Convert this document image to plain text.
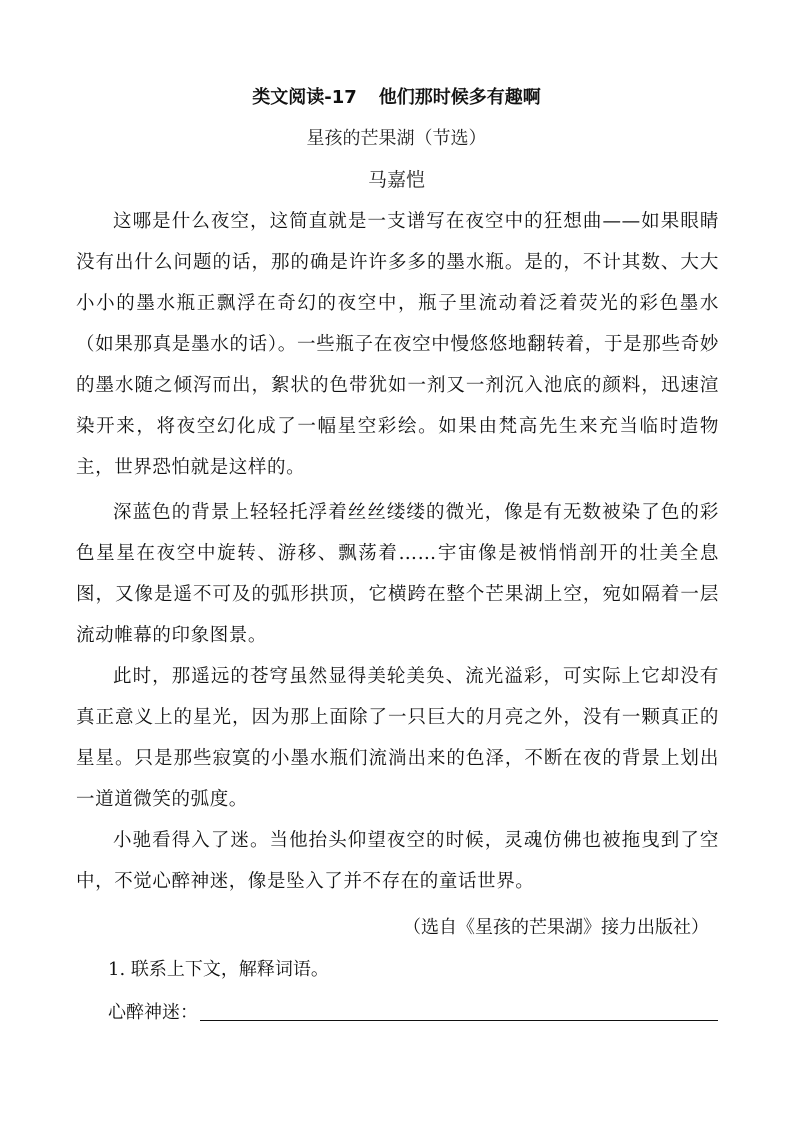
类文阅读-17 他们那时候多有趣啊
星孩的芒果湖（节选）
马嘉恺

这哪是什么夜空，这简直就是一支谱写在夜空中的狂想曲——如果眼睛没有出什么问题的话，那的确是许许多多的墨水瓶。是的，不计其数、大大小小的墨水瓶正飘浮在奇幻的夜空中，瓶子里流动着泛着荧光的彩色墨水（如果那真是墨水的话）。一些瓶子在夜空中慢悠悠地翻转着，于是那些奇妙的墨水随之倾泻而出，絮状的色带犹如一剂又一剂沉入池底的颜料，迅速渲染开来，将夜空幻化成了一幅星空彩绘。如果由梵高先生来充当临时造物主，世界恐怕就是这样的。

深蓝色的背景上轻轻托浮着丝丝缕缕的微光，像是有无数被染了色的彩色星星在夜空中旋转、游移、飘荡着……宇宙像是被悄悄剖开的壮美全息图，又像是遥不可及的弧形拱顶，它横跨在整个芒果湖上空，宛如隔着一层流动帷幕的印象图景。

此时，那遥远的苍穹虽然显得美轮美奂、流光溢彩，可实际上它却没有真正意义上的星光，因为那上面除了一只巨大的月亮之外，没有一颗真正的星星。只是那些寂寞的小墨水瓶们流淌出来的色泽，不断在夜的背景上划出一道道微笑的弧度。

小驰看得入了迷。当他抬头仰望夜空的时候，灵魂仿佛也被拖曳到了空中，不觉心醉神迷，像是坠入了并不存在的童话世界。

（选自《星孩的芒果湖》接力出版社）
1. 联系上下文，解释词语。
心醉神迷：
